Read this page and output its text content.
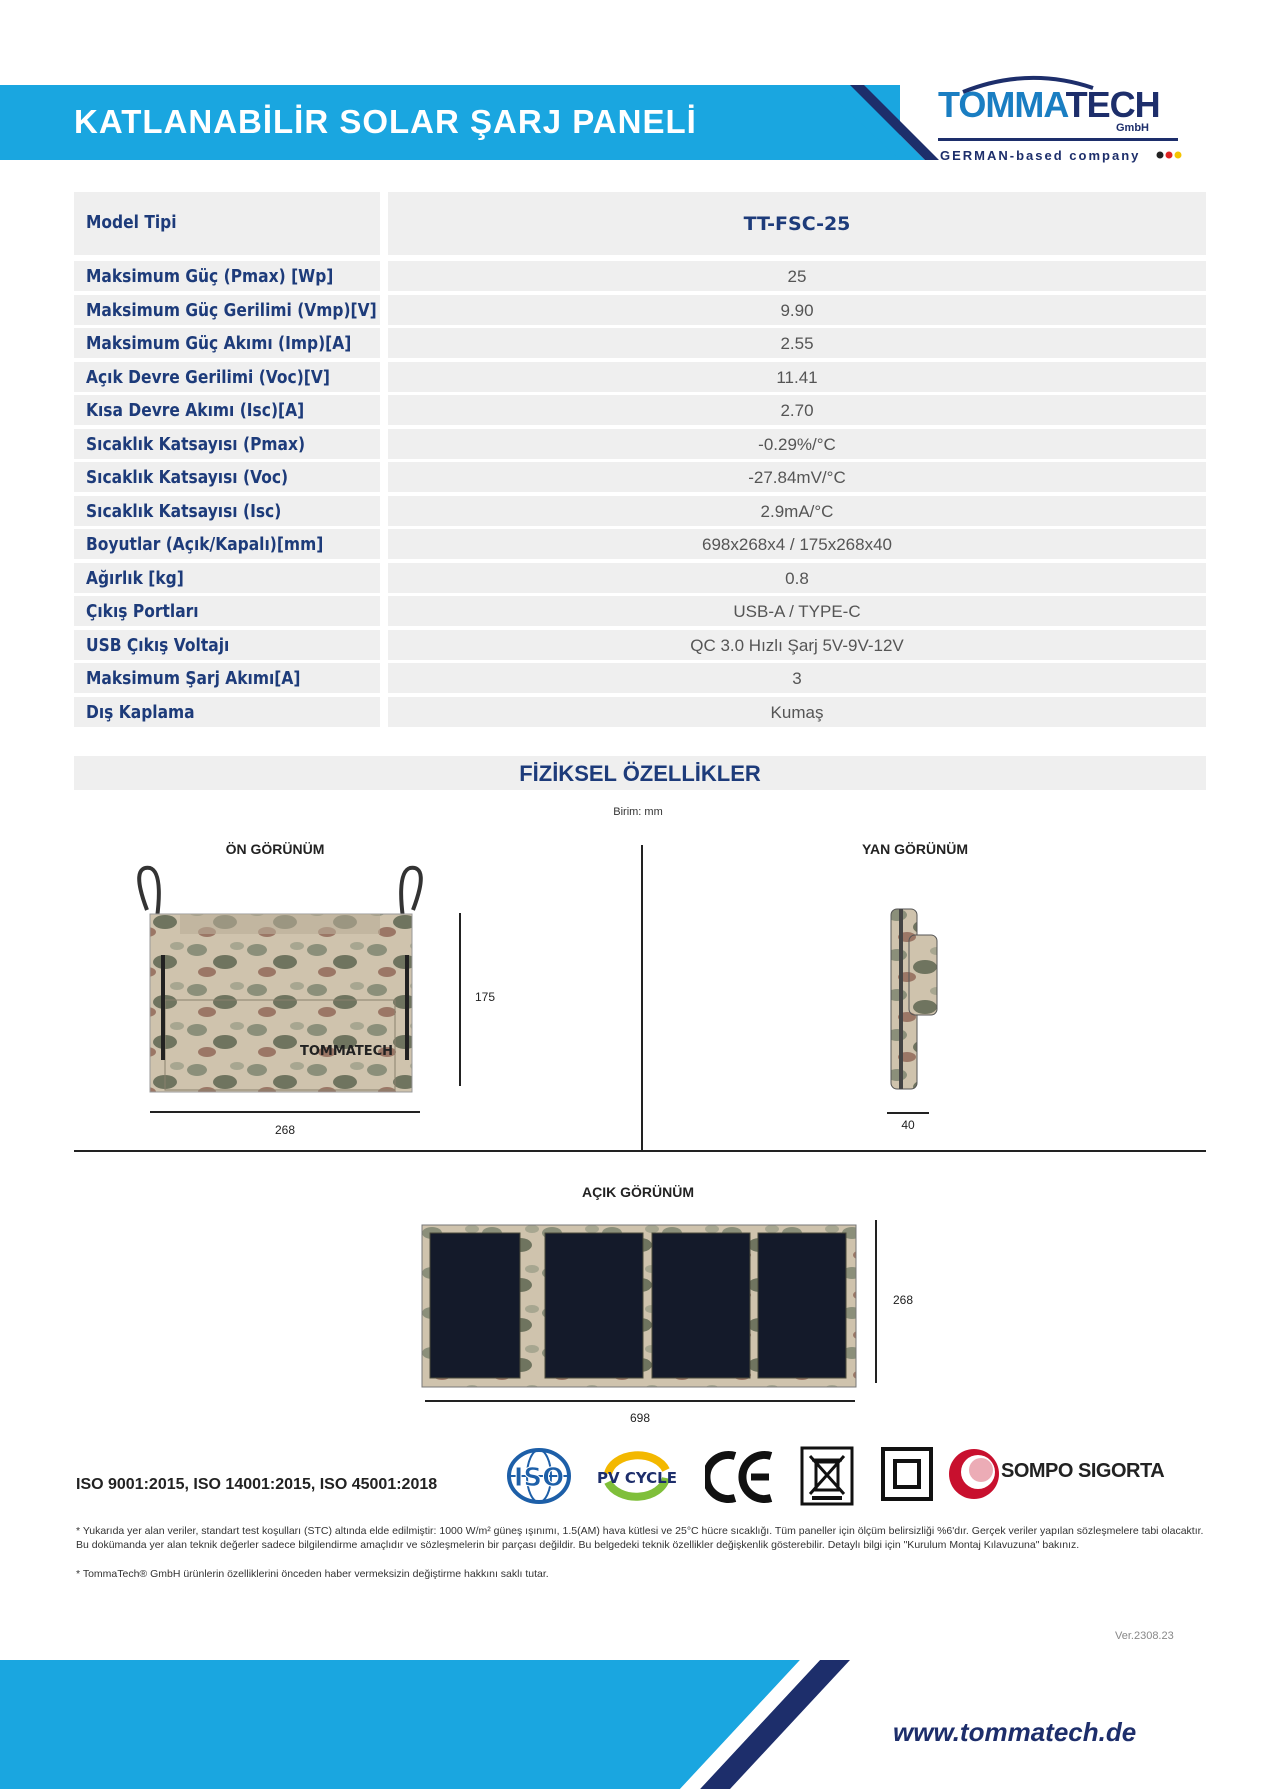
KATLANABİLİR SOLAR ŞARJ PANELİ	TOMMATECH
GmbH
GERMAN-based company
Model Tipi	TT-FSC-25
Maksimum Güç (Pmax) [Wp]	25
Maksimum Güç Gerilimi (Vmp)[V]	9.90
Maksimum Güç Akımı (Imp)[A]	2.55
Açık Devre Gerilimi (Voc)[V]	11.41
Kısa Devre Akımı (Isc)[A]	2.70
Sıcaklık Katsayısı (Pmax)	-0.29%/°C
Sıcaklık Katsayısı (Voc)	-27.84mV/°C
Sıcaklık Katsayısı (Isc)	2.9mA/°C
Boyutlar (Açık/Kapalı)[mm]	698x268x4 / 175x268x40
Ağırlık [kg]	0.8
Çıkış Portları	USB-A / TYPE-C
USB Çıkış Voltajı	QC 3.0 Hızlı Şarj 5V-9V-12V
Maksimum Şarj Akımı[A]	3
Dış Kaplama	Kumaş
FİZİKSEL ÖZELLİKLER
Birim: mm
ÖN GÖRÜNÜM	YAN GÖRÜNÜM
TOMMATECH
175
268	40
AÇIK GÖRÜNÜM
268
698
ISO 9001:2015, ISO 14001:2015, ISO 45001:2018	ISO PV CYCLE	SOMPO SIGORTA
* Yukarıda yer alan veriler, standart test koşulları (STC) altında elde edilmiştir: 1000 W/m² güneş ışınımı, 1.5(AM) hava kütlesi ve 25°C hücre sıcaklığı. Tüm paneller için ölçüm belirsizliği %6'dır. Gerçek veriler yapılan sözleşmelere tabi olacaktır. Bu dokümanda yer alan teknik değerler sadece bilgilendirme amaçlıdır ve sözleşmelerin bir parçası değildir. Bu belgedeki teknik özellikler değişkenlik gösterebilir. Detaylı bilgi için "Kurulum Montaj Kılavuzuna" bakınız.
* TommaTech® GmbH ürünlerin özelliklerini önceden haber vermeksizin değiştirme hakkını saklı tutar.
Ver.2308.23
www.tommatech.de
